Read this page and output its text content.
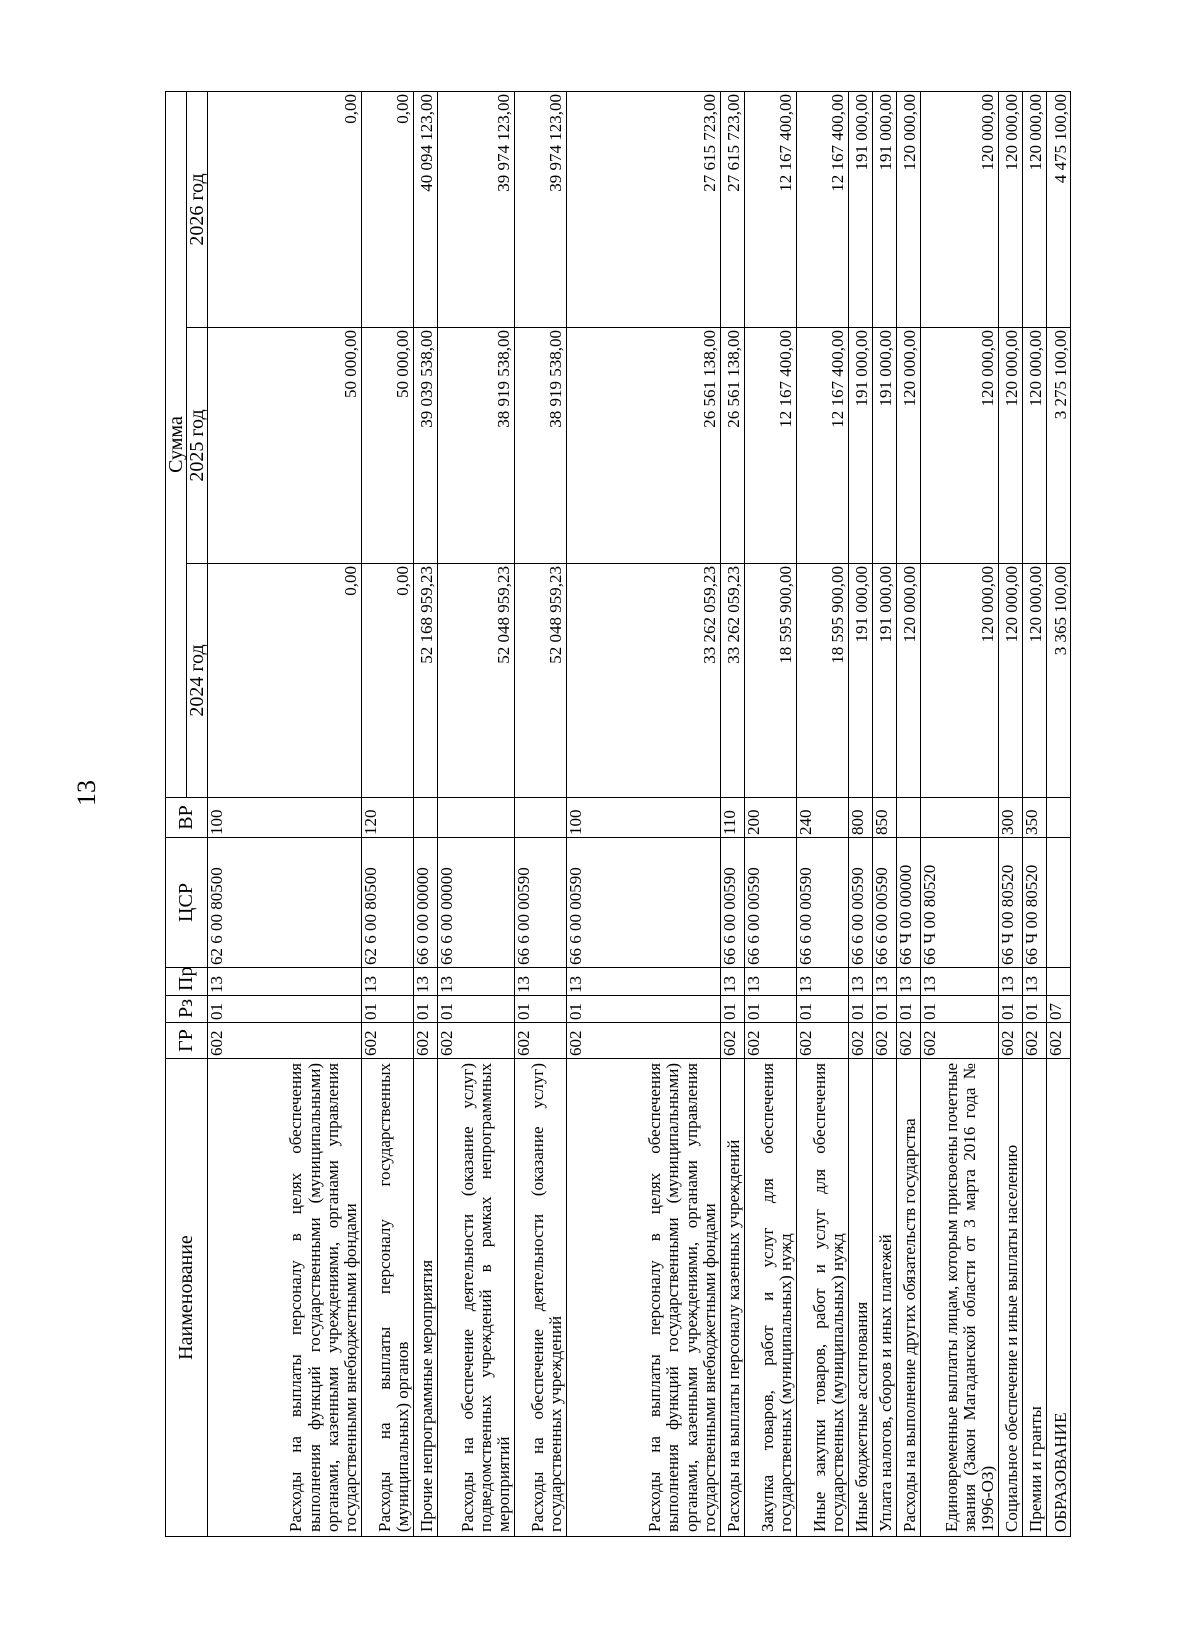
13
Наименование	ГР	Рз	Пр	ЦСР	ВР	Сумма		
						2024 год	2025 год	2026 год
Расходы на выплаты персоналу в целях обеспечения выполнения функций государственными (муниципальными) органами, казенными учреждениями, органами управления государственными внебюджетными фондами	602	01	13	62 6 00 80500	100	0,00	50 000,00	0,00
Расходы на выплаты персоналу государственных (муниципальных) органов	602	01	13	62 6 00 80500	120	0,00	50 000,00	0,00
Прочие непрограммные мероприятия	602	01	13	66 0 00 00000		52 168 959,23	39 039 538,00	40 094 123,00
Расходы на обеспечение деятельности (оказание услуг) подведомственных учреждений в рамках непрограммных мероприятий	602	01	13	66 6 00 00000		52 048 959,23	38 919 538,00	39 974 123,00
Расходы на обеспечение деятельности (оказание услуг) государственных учреждений	602	01	13	66 6 00 00590		52 048 959,23	38 919 538,00	39 974 123,00
Расходы на выплаты персоналу в целях обеспечения выполнения функций государственными (муниципальными) органами, казенными учреждениями, органами управления государственными внебюджетными фондами	602	01	13	66 6 00 00590	100	33 262 059,23	26 561 138,00	27 615 723,00
Расходы на выплаты персоналу казенных учреждений	602	01	13	66 6 00 00590	110	33 262 059,23	26 561 138,00	27 615 723,00
Закупка товаров, работ и услуг для обеспечения государственных (муниципальных) нужд	602	01	13	66 6 00 00590	200	18 595 900,00	12 167 400,00	12 167 400,00
Иные закупки товаров, работ и услуг для обеспечения государственных (муниципальных) нужд	602	01	13	66 6 00 00590	240	18 595 900,00	12 167 400,00	12 167 400,00
Иные бюджетные ассигнования	602	01	13	66 6 00 00590	800	191 000,00	191 000,00	191 000,00
Уплата налогов, сборов и иных платежей	602	01	13	66 6 00 00590	850	191 000,00	191 000,00	191 000,00
Расходы на выполнение других обязательств государства	602	01	13	66 Ч 00 00000		120 000,00	120 000,00	120 000,00
Единовременные выплаты лицам, которым присвоены почетные звания (Закон Магаданской области от 3 марта 2016 года № 1996-ОЗ)	602	01	13	66 Ч 00 80520		120 000,00	120 000,00	120 000,00
Социальное обеспечение и иные выплаты населению	602	01	13	66 Ч 00 80520	300	120 000,00	120 000,00	120 000,00
Премии и гранты	602	01	13	66 Ч 00 80520	350	120 000,00	120 000,00	120 000,00
ОБРАЗОВАНИЕ	602	07				3 365 100,00	3 275 100,00	4 475 100,00
